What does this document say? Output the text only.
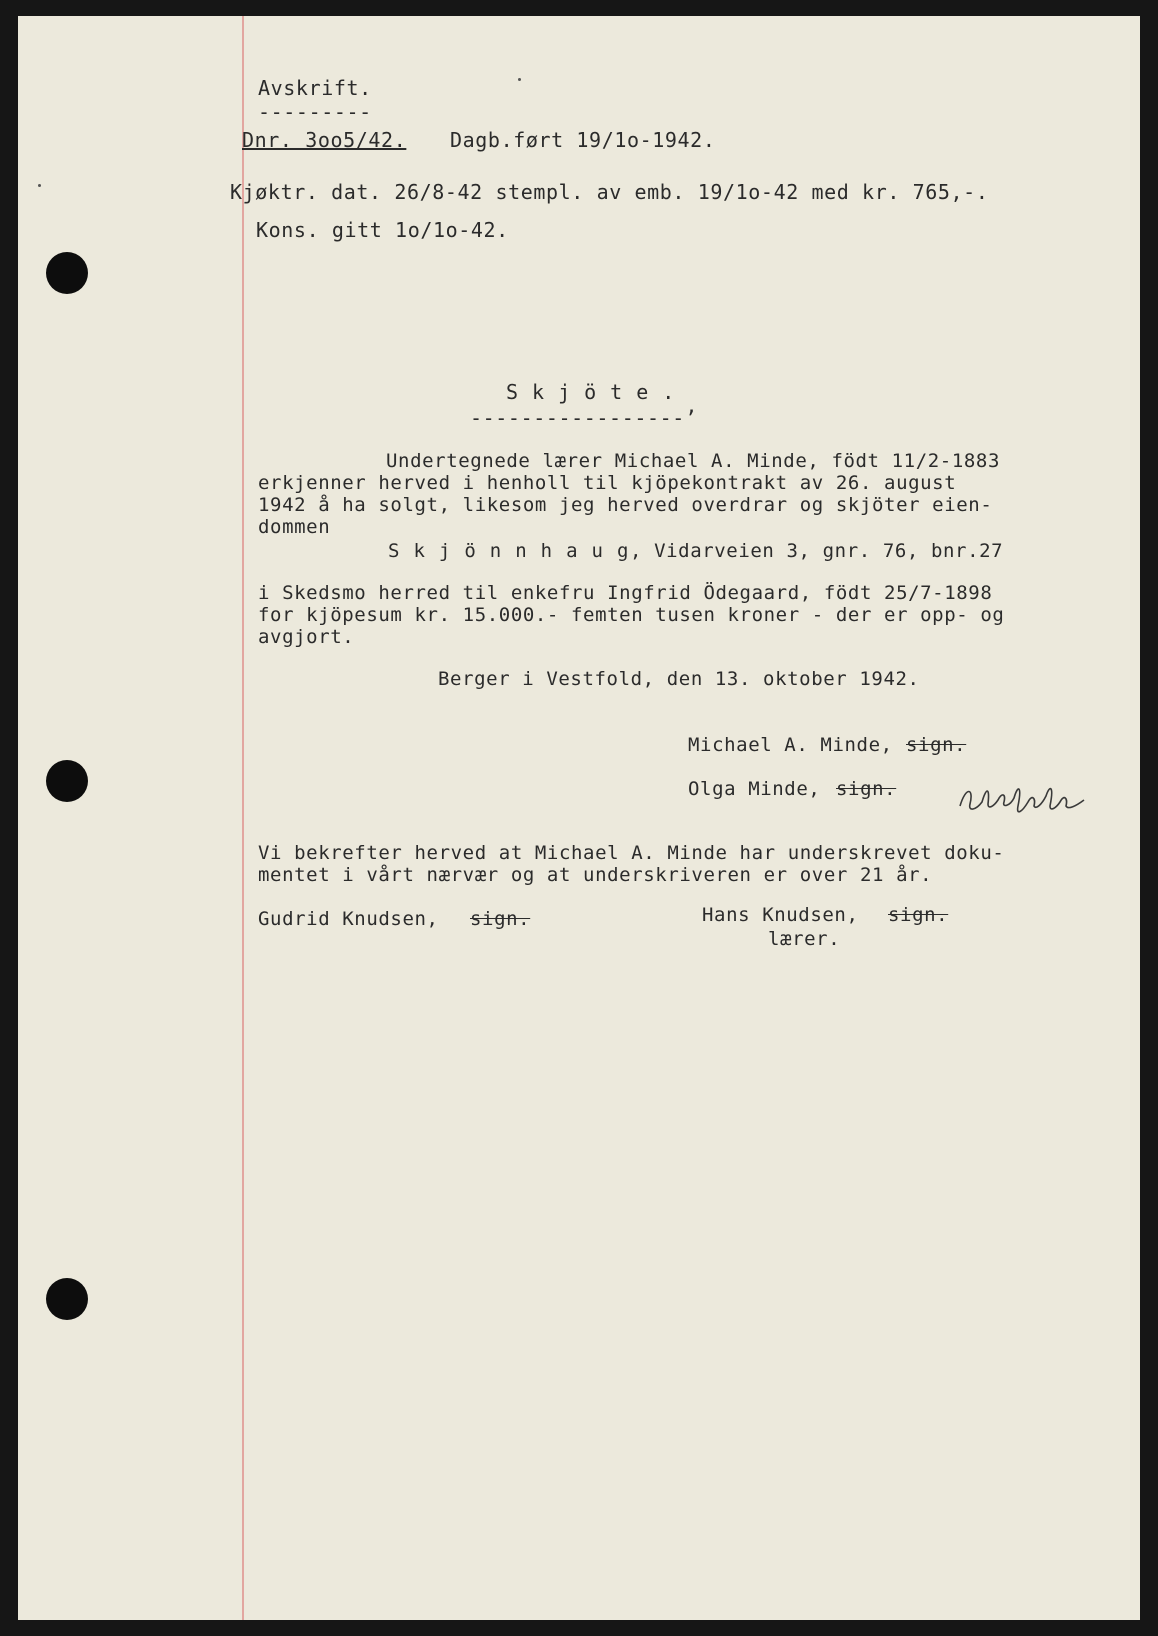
Avskrift.
---------
Dnr. 3oo5/42. Dagb.ført 19/1o-1942.
Kjøktr. dat. 26/8-42 stempl. av emb. 19/1o-42 med kr. 765,-.
Kons. gitt 1o/1o-42.
Skjöte.
-----------------’
Undertegnede lærer Michael A. Minde, födt 11/2-1883
erkjenner herved i henholl til kjöpekontrakt av 26. august
1942 å ha solgt, likesom jeg herved overdrar og skjöter eien-
dommen
Skjönnhaug
, Vidarveien 3, gnr. 76, bnr.27
i Skedsmo herred til enkefru Ingfrid Ödegaard, födt 25/7-1898
for kjöpesum kr. 15.000.- femten tusen kroner - der er opp- og
avgjort.
Berger i Vestfold, den 13. oktober 1942.
Michael A. Minde, sign.
Olga Minde, sign.
Vi bekrefter herved at Michael A. Minde har underskrevet doku-
mentet i vårt nærvær og at underskriveren er over 21 år.
Gudrid Knudsen, sign.	Hans Knudsen, sign.
lærer.
